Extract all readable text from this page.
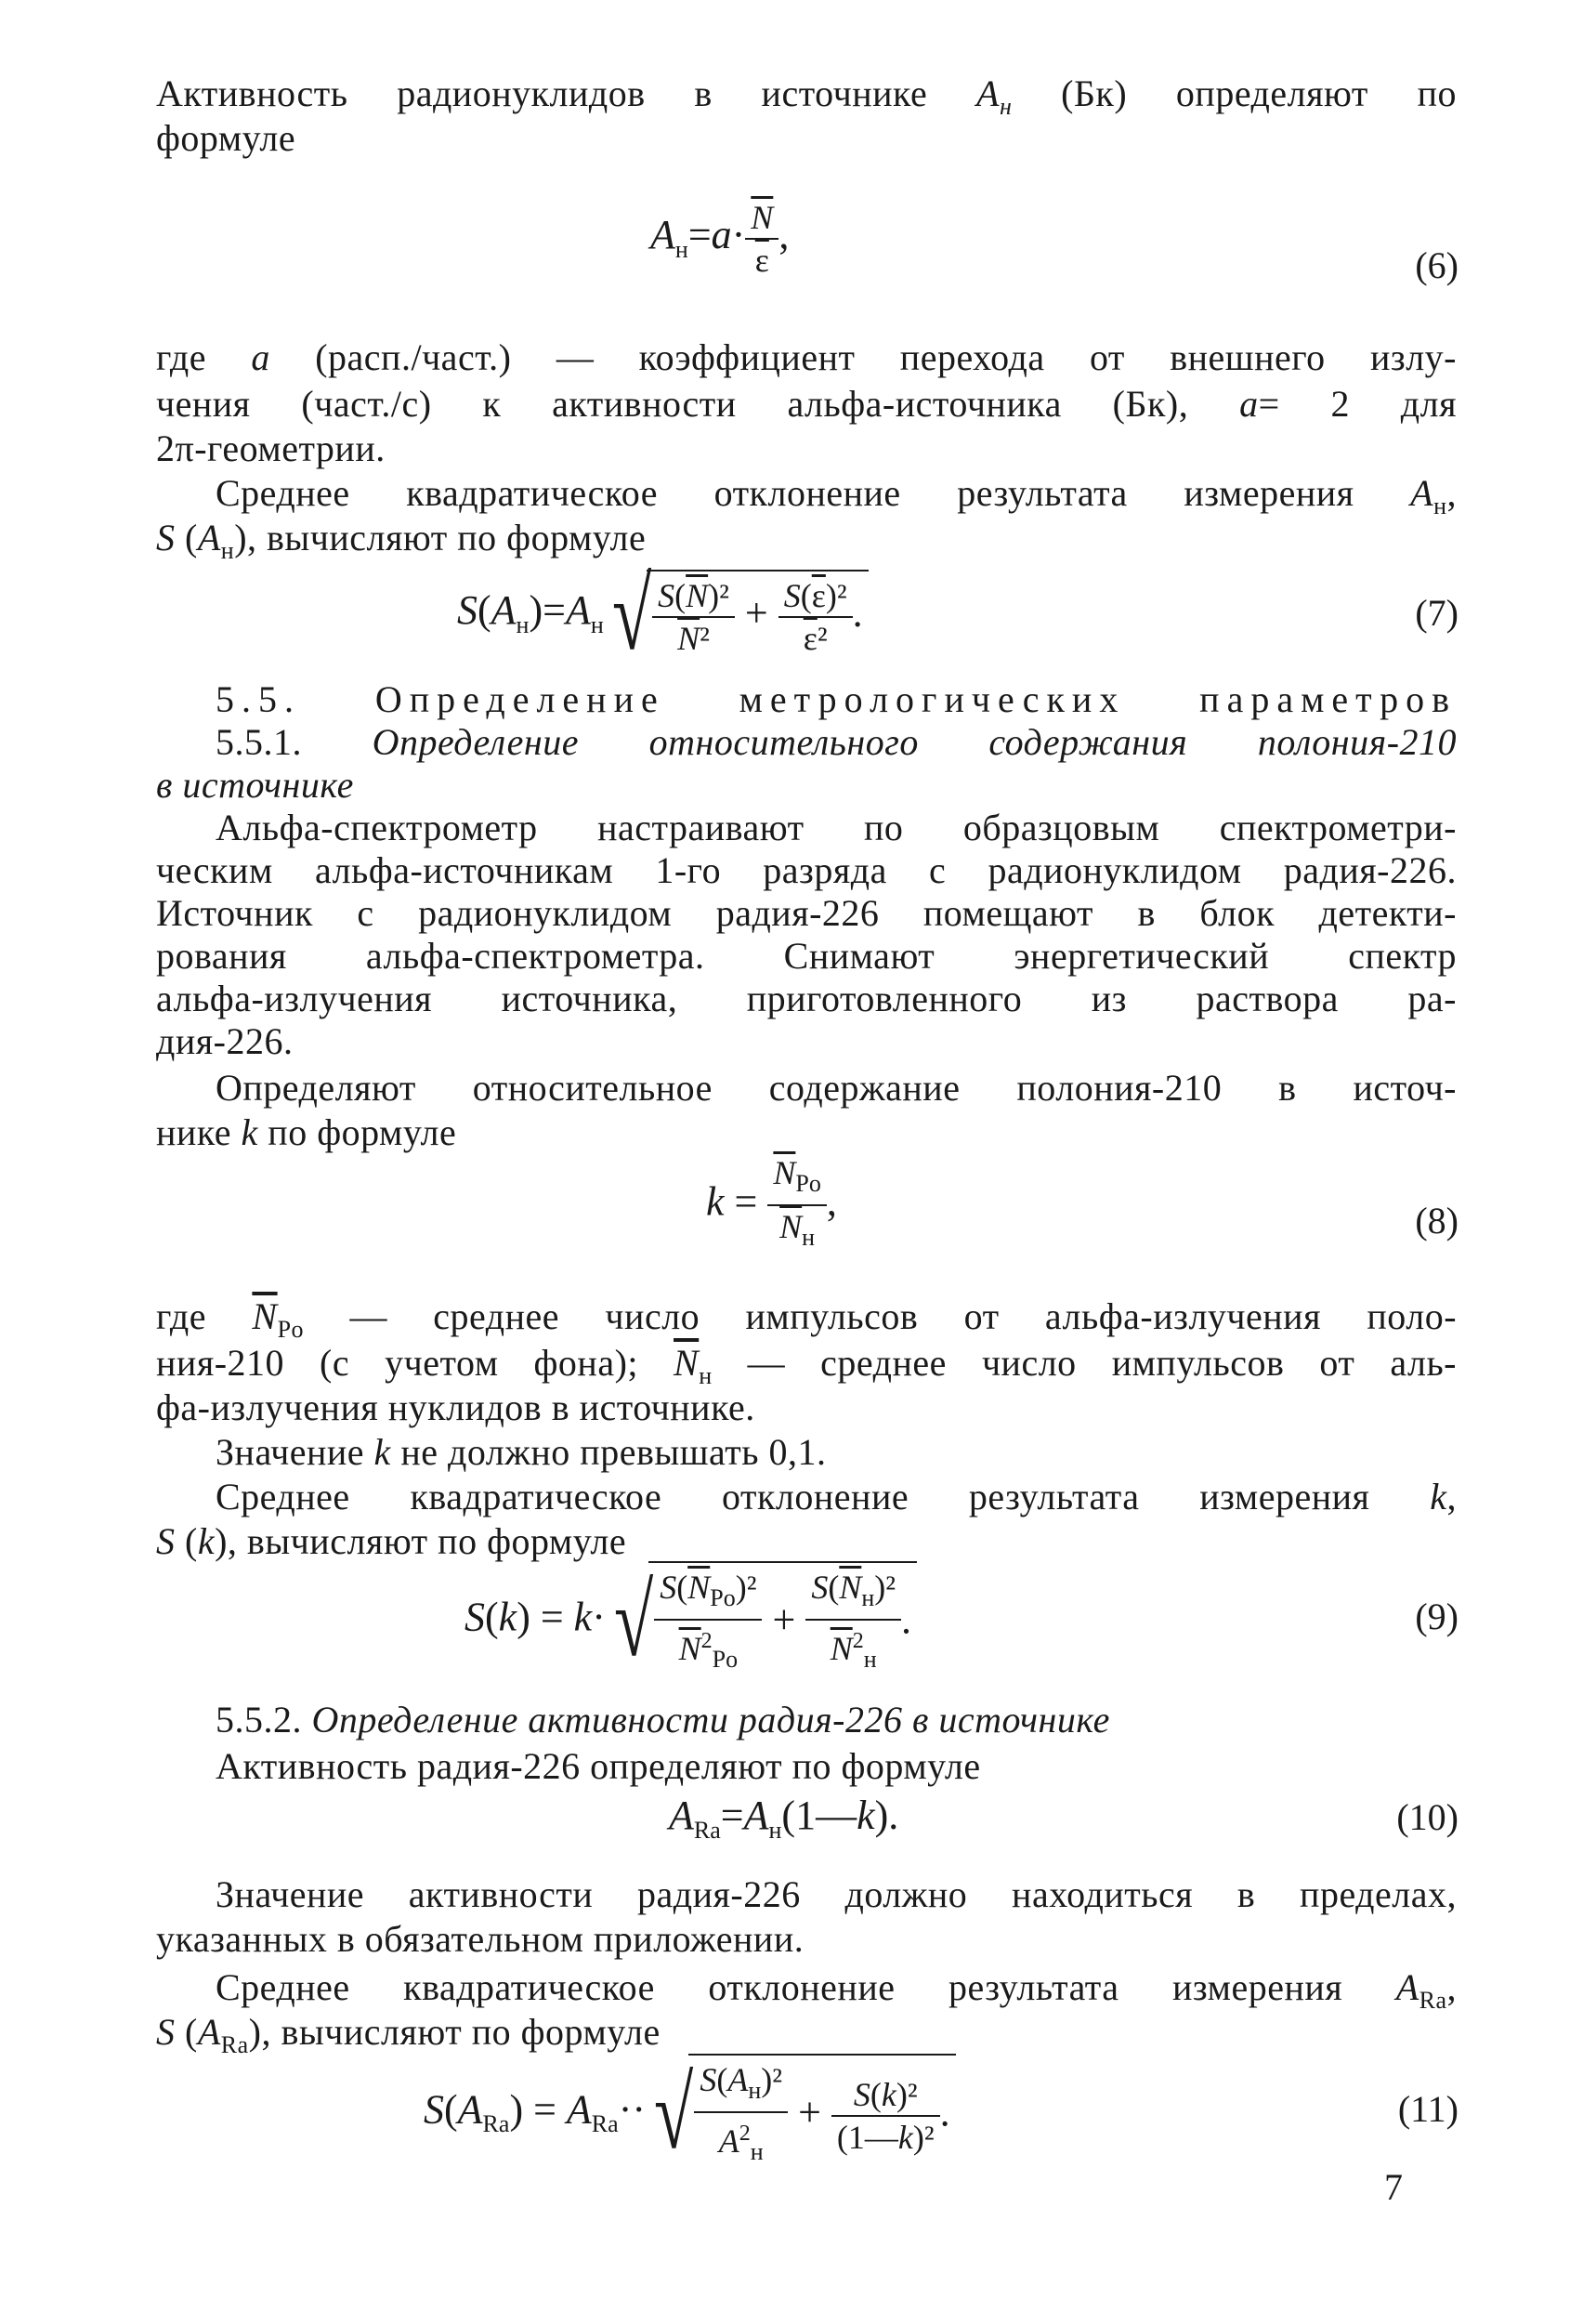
Активность радионуклидов в источнике $A_н$ (Бк) определяют по
формуле
$A_н=a\cdot \frac{\overline{N}}{\varepsilon}$ ,
(6)
где a (расп./част.) — коэффициент перехода от внешнего излу-
чения (част./с) к активности альфа-источника (Бк), a= 2 для
2π-геометрии.
Среднее квадратическое отклонение результата измерения $A_н$,
S $(A_н)$, вычисляют по формуле
$S(A_н)=A_н√ \frac{S(\overline{N})^2}{\overline{N}^2} + \frac{S(\overline{\varepsilon})^2}{\overline{\varepsilon}^2}$ .	(7)
5.5. Определение метрологических параметров
5.5.1. Определение относительного содержания полония-210
в источнике
Альфа-спектрометр настраивают по образцовым спектрометри-
ческим альфа-источникам 1-го разряда с радионуклидом радия-226.
Источник с радионуклидом радия-226 помещают в блок детекти-
рования альфа-спектрометра. Снимают энергетический спектр
альфа-излучения источника, приготовленного из раствора ра-
дия-226.
Определяют относительное содержание полония-210 в источ-
нике k по формуле
$k = \frac{\overline{N}_{Po}}{\overline{N}_н}$ ,	(8)
где $\overline{N}_{Po}$ — среднее число импульсов от альфа-излучения поло-
ния-210 (с учетом фона); $\overline{N}_н$ — среднее число импульсов от аль-
фа-излучения нуклидов в источнике.
Значение k не должно превышать 0,1.
Среднее квадратическое отклонение результата измерения k,
S (k), вычисляют по формуле
$S(k) = k\cdot√ \frac{S(\overline{N}_{Po})^2}{\overline{N}^2_{Po}} + \frac{S(\overline{N}_н)^2}{\overline{N}^2_н}$ .	(9)
5.5.2. Определение активности радия-226 в источнике
Активность радия-226 определяют по формуле
$A_{Ra}=A_н(1—k)$.	(10)
Значение активности радия-226 должно находиться в пределах,
указанных в обязательном приложении.
Среднее квадратическое отклонение результата измерения $A_{Ra}$,
S $(A_{Ra})$, вычисляют по формуле
$S(A_{Ra}) = A_{Ra}\cdot\cdot√ \frac{S(A_н)^2}{A^2_н} + \frac{\text{S(k)²}}{\text{(1—k)²}}$ .	(11)
7
